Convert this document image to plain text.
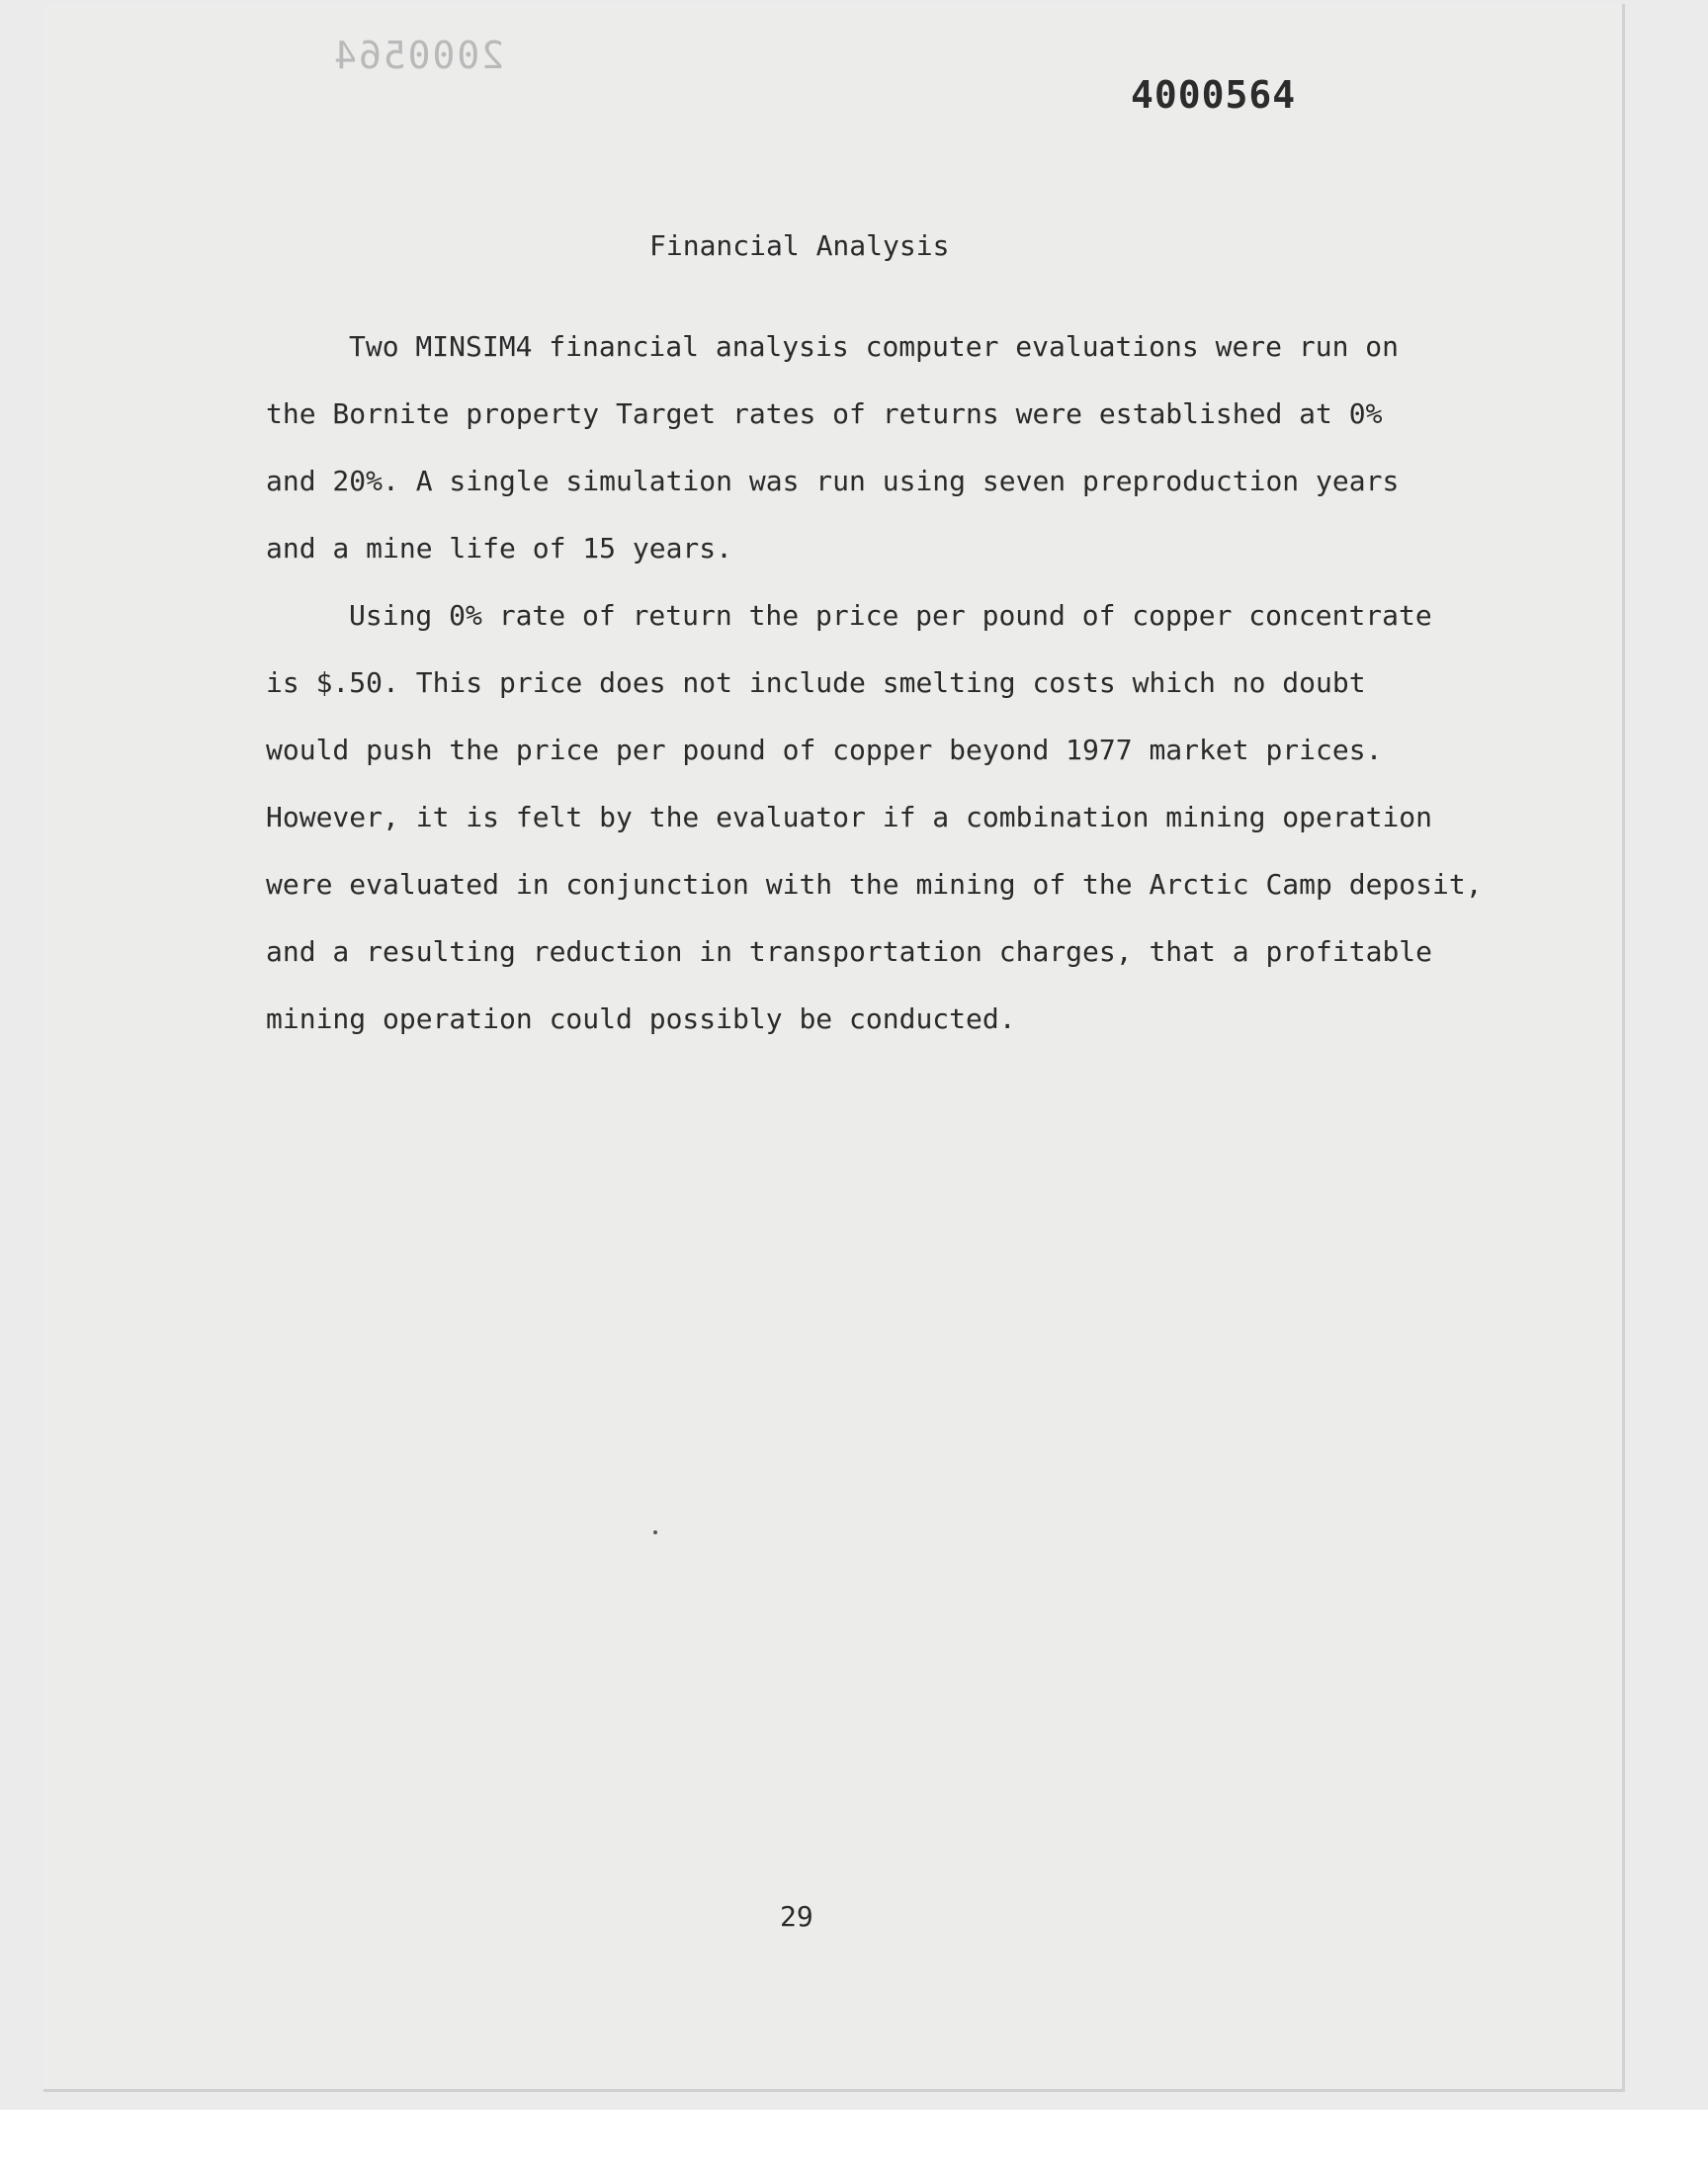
2000564
4000564
Financial Analysis
Two MINSIM4 financial analysis computer evaluations were run on
the Bornite property Target rates of returns were established at 0%
and 20%. A single simulation was run using seven preproduction years
and a mine life of 15 years.
Using 0% rate of return the price per pound of copper concentrate
is $.50. This price does not include smelting costs which no doubt
would push the price per pound of copper beyond 1977 market prices.
However, it is felt by the evaluator if a combination mining operation
were evaluated in conjunction with the mining of the Arctic Camp deposit,
and a resulting reduction in transportation charges, that a profitable
mining operation could possibly be conducted.
29
